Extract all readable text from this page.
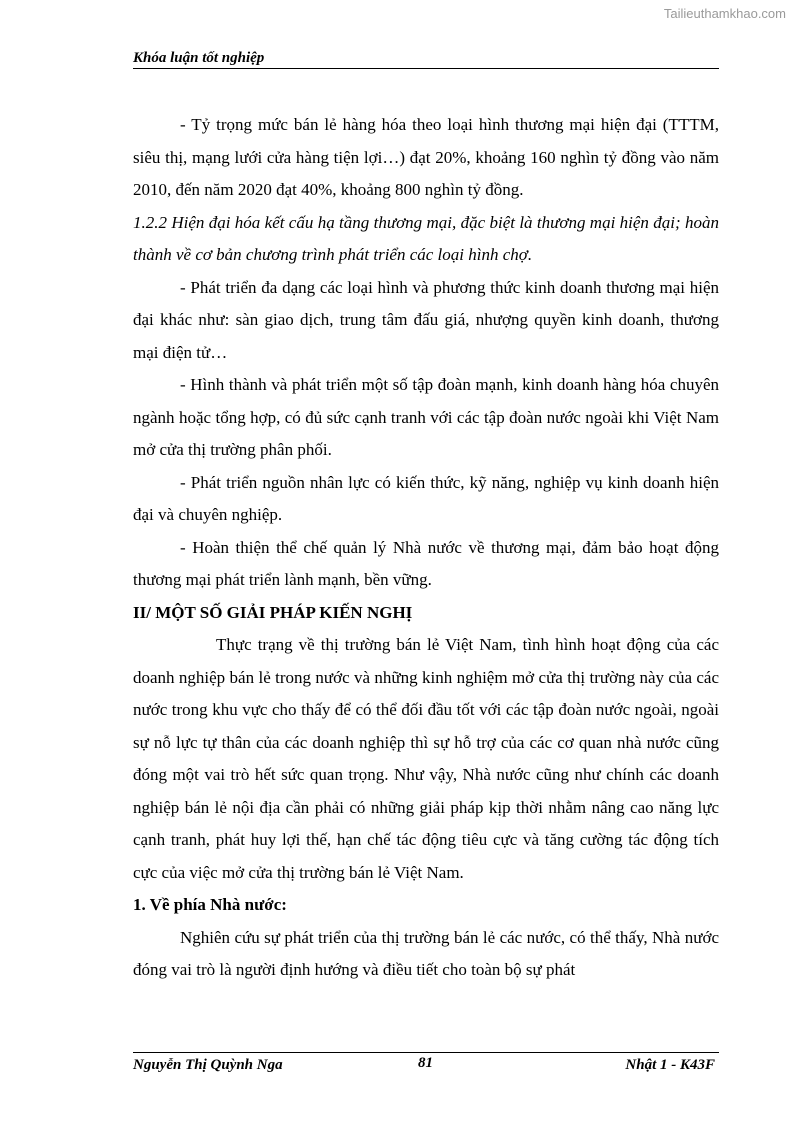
Tailieuthamkhao.com
Khóa luận tốt nghiệp

- Tỷ trọng mức bán lẻ hàng hóa theo loại hình thương mại hiện đại (TTTM, siêu thị, mạng lưới cửa hàng tiện lợi…) đạt 20%, khoảng 160 nghìn tỷ đồng vào năm 2010, đến năm 2020 đạt 40%, khoảng 800 nghìn tỷ đồng.

1.2.2 Hiện đại hóa kết cấu hạ tầng thương mại, đặc biệt là thương mại hiện đại; hoàn thành về cơ bản chương trình phát triển các loại hình chợ.

- Phát triển đa dạng các loại hình và phương thức kinh doanh thương mại hiện đại khác như: sàn giao dịch, trung tâm đấu giá, nhượng quyền kinh doanh, thương mại điện tử…

- Hình thành và phát triển một số tập đoàn mạnh, kinh doanh hàng hóa chuyên ngành hoặc tổng hợp, có đủ sức cạnh tranh với các tập đoàn nước ngoài khi Việt Nam mở cửa thị trường phân phối.

- Phát triển nguồn nhân lực có kiến thức, kỹ năng, nghiệp vụ kinh doanh hiện đại và chuyên nghiệp.

- Hoàn thiện thể chế quản lý Nhà nước về thương mại, đảm bảo hoạt động thương mại phát triển lành mạnh, bền vững.

II/ MỘT SỐ GIẢI PHÁP KIẾN NGHỊ

Thực trạng về thị trường bán lẻ Việt Nam, tình hình hoạt động của các doanh nghiệp bán lẻ trong nước và những kinh nghiệm mở cửa thị trường này của các nước trong khu vực cho thấy để có thể đối đầu tốt với các tập đoàn nước ngoài, ngoài sự nỗ lực tự thân của các doanh nghiệp thì sự hỗ trợ của các cơ quan nhà nước cũng đóng một vai trò hết sức quan trọng. Như vậy, Nhà nước cũng như chính các doanh nghiệp bán lẻ nội địa cần phải có những giải pháp kịp thời nhằm nâng cao năng lực cạnh tranh, phát huy lợi thế, hạn chế tác động tiêu cực và tăng cường tác động tích cực của việc mở cửa thị trường bán lẻ Việt Nam.

1. Về phía Nhà nước:

Nghiên cứu sự phát triển của thị trường bán lẻ các nước, có thể thấy, Nhà nước đóng vai trò là người định hướng và điều tiết cho toàn bộ sự phát

Nguyễn Thị Quỳnh Nga	81	Nhật 1 - K43F
